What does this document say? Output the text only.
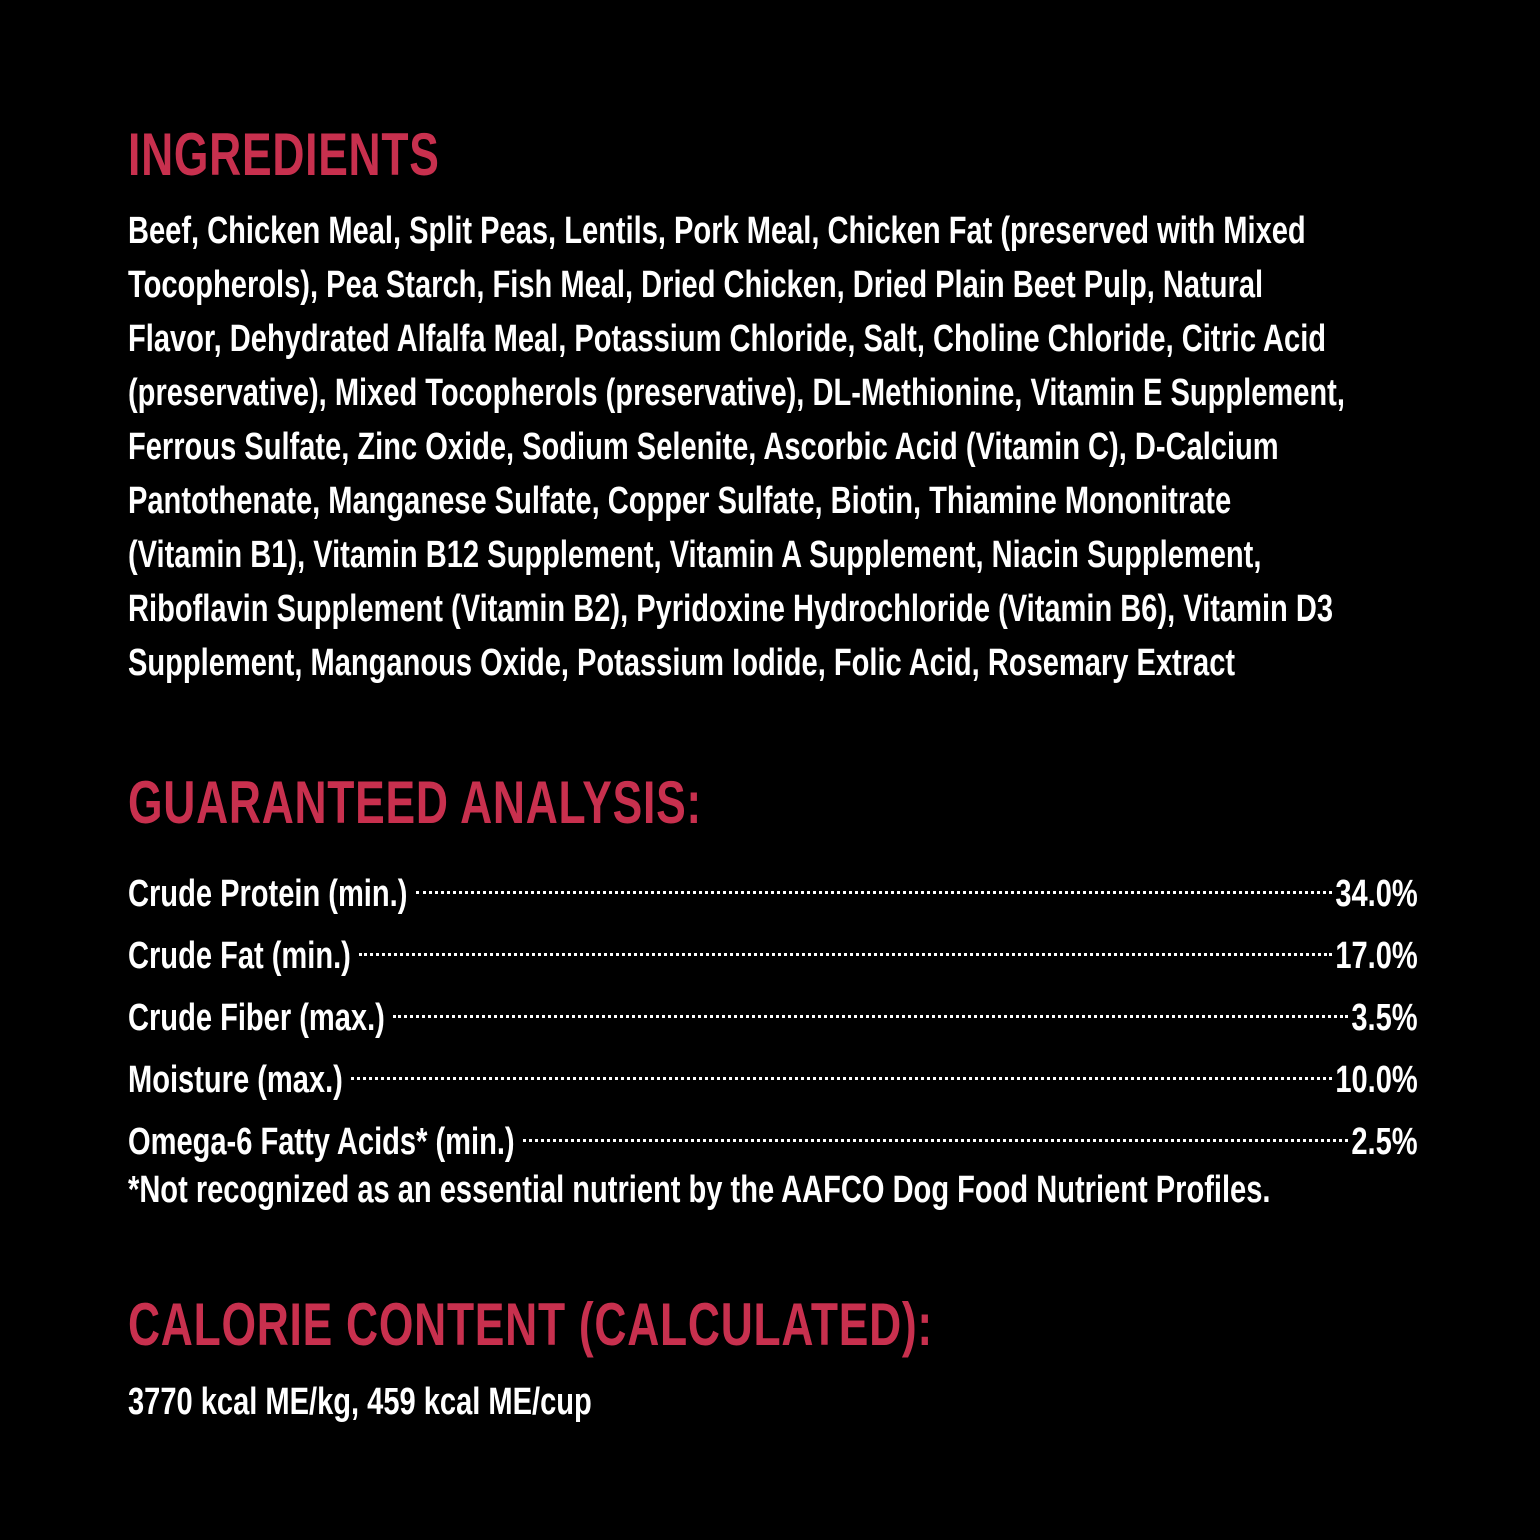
INGREDIENTS
Beef, Chicken Meal, Split Peas, Lentils, Pork Meal, Chicken Fat (preserved with Mixed
Tocopherols), Pea Starch, Fish Meal, Dried Chicken, Dried Plain Beet Pulp, Natural
Flavor, Dehydrated Alfalfa Meal, Potassium Chloride, Salt, Choline Chloride, Citric Acid
(preservative), Mixed Tocopherols (preservative), DL-Methionine, Vitamin E Supplement,
Ferrous Sulfate, Zinc Oxide, Sodium Selenite, Ascorbic Acid (Vitamin C), D-Calcium
Pantothenate, Manganese Sulfate, Copper Sulfate, Biotin, Thiamine Mononitrate
(Vitamin B1), Vitamin B12 Supplement, Vitamin A Supplement, Niacin Supplement,
Riboflavin Supplement (Vitamin B2), Pyridoxine Hydrochloride (Vitamin B6), Vitamin D3
Supplement, Manganous Oxide, Potassium Iodide, Folic Acid, Rosemary Extract
GUARANTEED ANALYSIS:
Crude Protein (min.)	34.0%
Crude Fat (min.)	17.0%
Crude Fiber (max.)	3.5%
Moisture (max.)	10.0%
Omega-6 Fatty Acids* (min.)	2.5%
*Not recognized as an essential nutrient by the AAFCO Dog Food Nutrient Profiles.
CALORIE CONTENT (CALCULATED):
3770 kcal ME/kg, 459 kcal ME/cup
